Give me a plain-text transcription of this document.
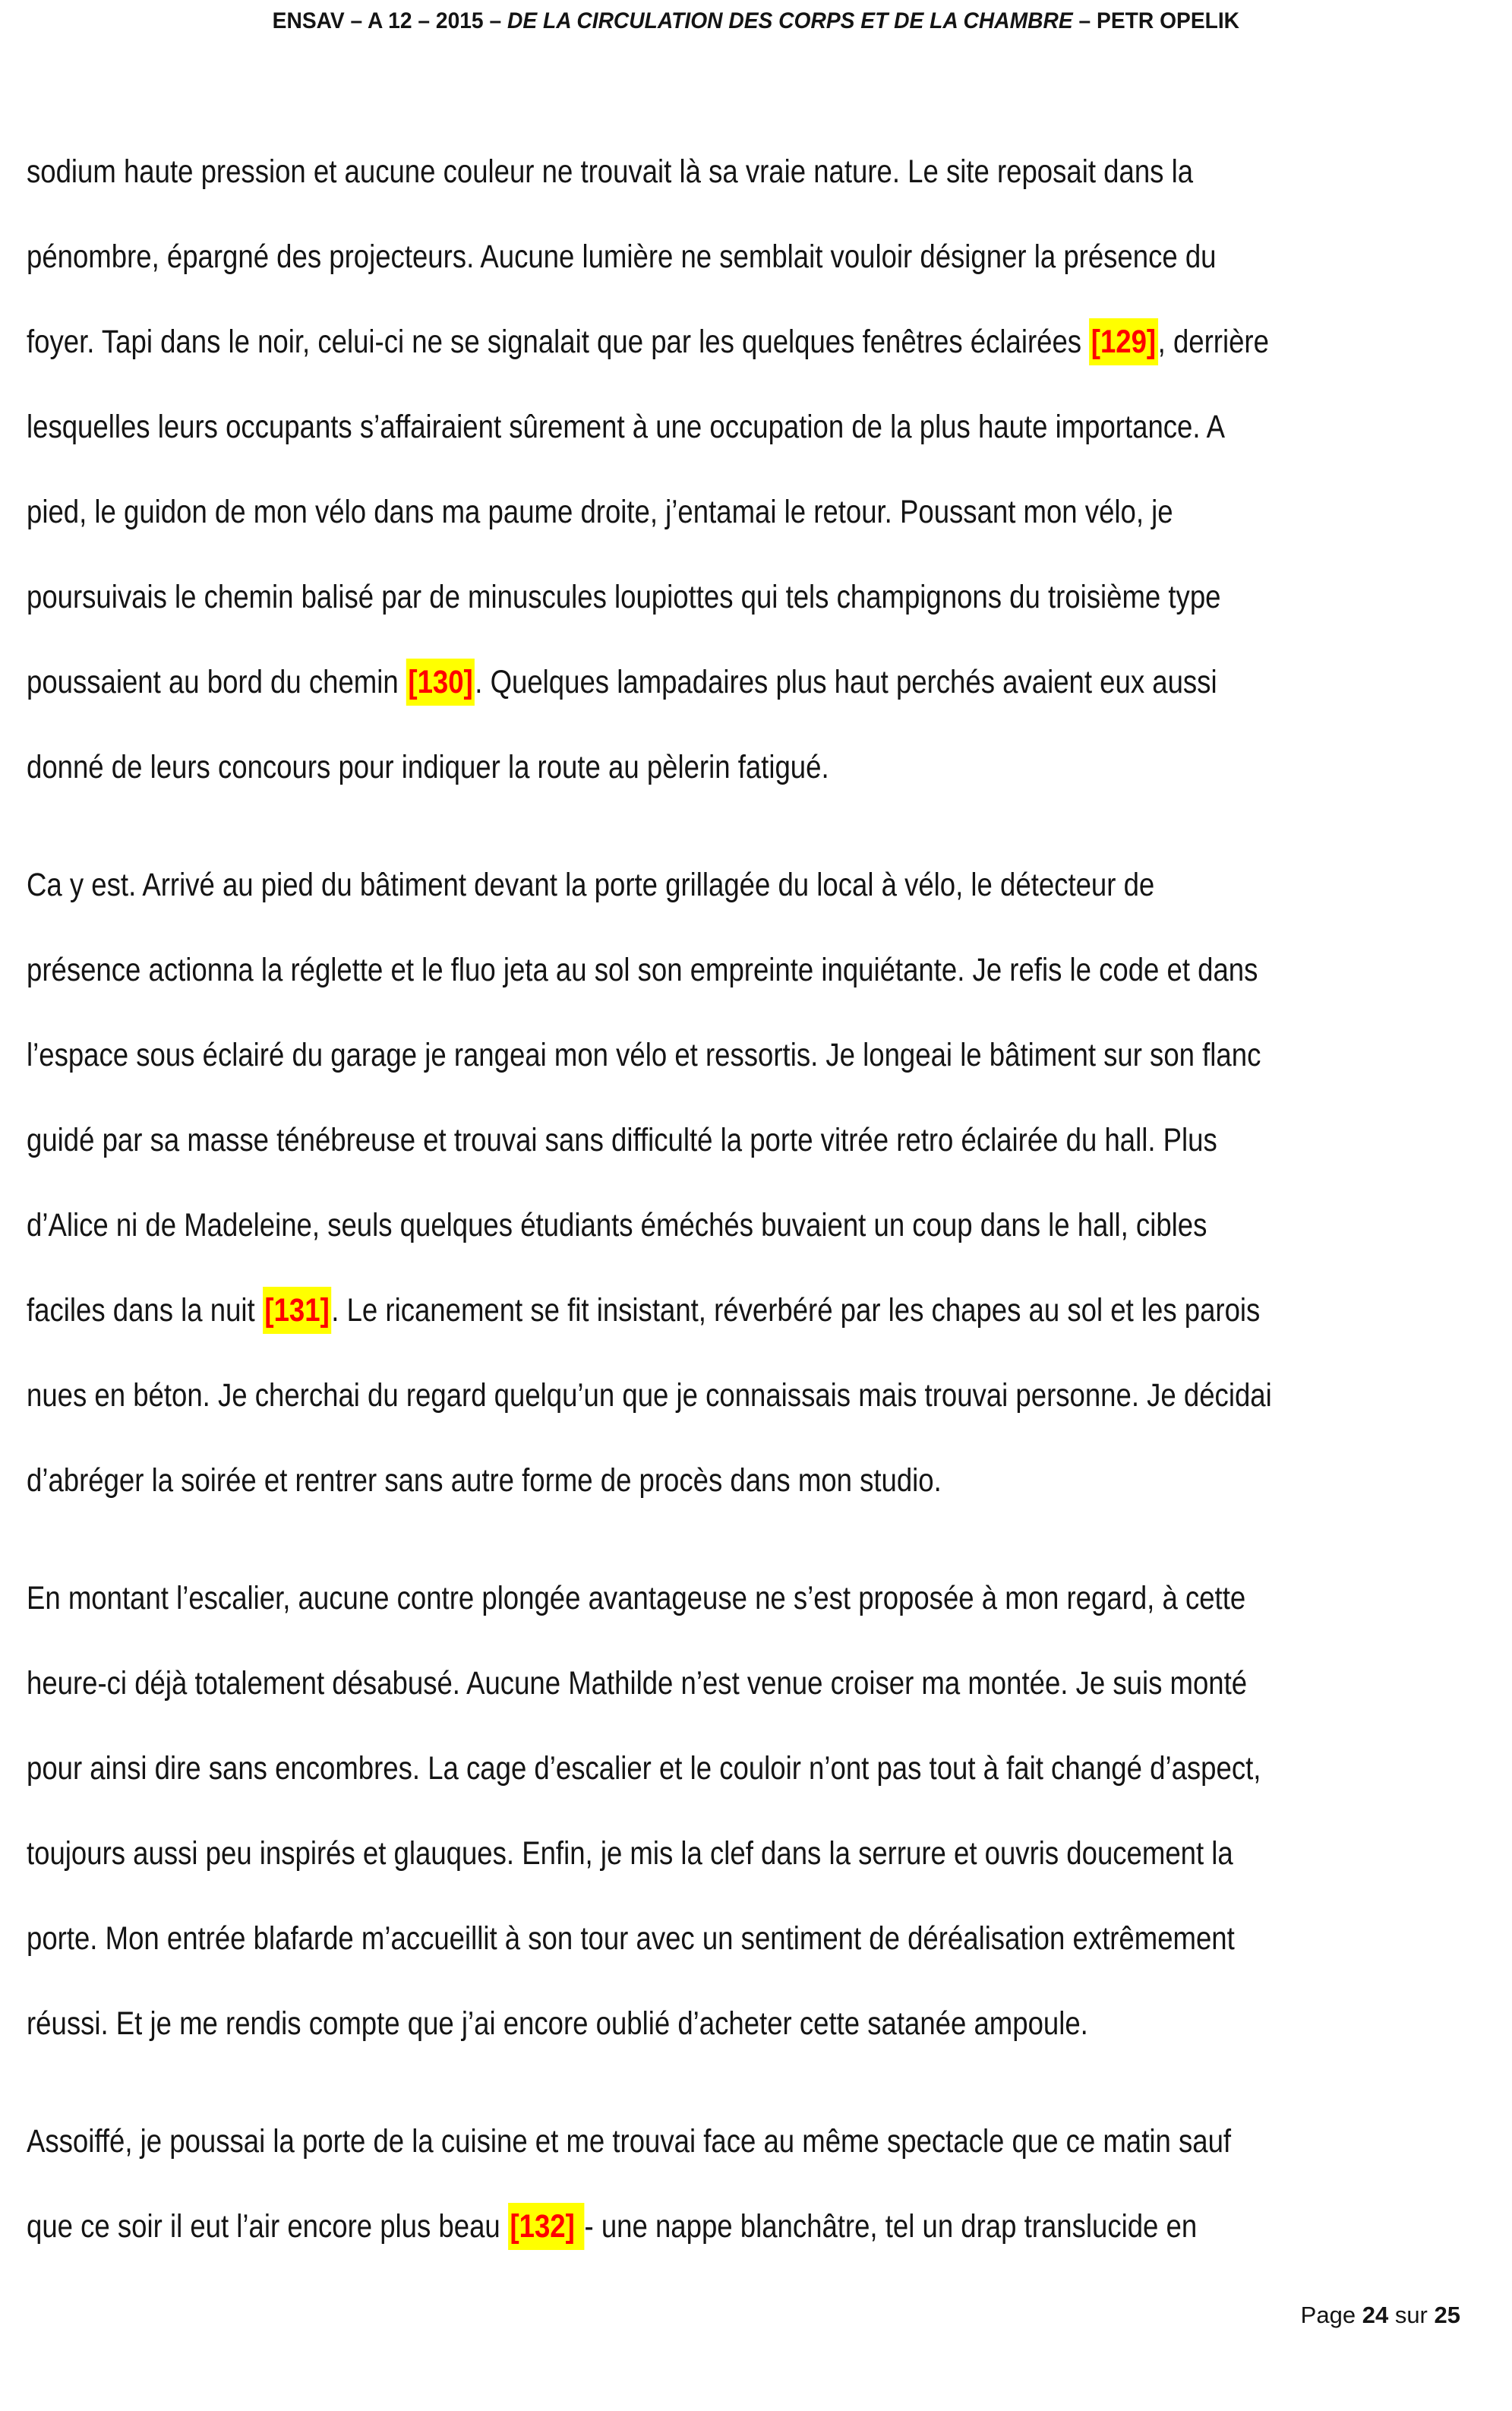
ENSAV – A 12 – 2015 – DE LA CIRCULATION DES CORPS ET DE LA CHAMBRE – PETR OPELIK
sodium haute pression et aucune couleur ne trouvait là sa vraie nature. Le site reposait dans la
pénombre, épargné des projecteurs. Aucune lumière ne semblait vouloir désigner la présence du
foyer. Tapi dans le noir, celui-ci ne se signalait que par les quelques fenêtres éclairées [129], derrière
lesquelles leurs occupants s’affairaient sûrement à une occupation de la plus haute importance. A
pied, le guidon de mon vélo dans ma paume droite, j’entamai le retour. Poussant mon vélo, je
poursuivais le chemin balisé par de minuscules loupiottes qui tels champignons du troisième type
poussaient au bord du chemin [130]. Quelques lampadaires plus haut perchés avaient eux aussi
donné de leurs concours pour indiquer la route au pèlerin fatigué.
Ca y est. Arrivé au pied du bâtiment devant la porte grillagée du local à vélo, le détecteur de
présence actionna la réglette et le fluo jeta au sol son empreinte inquiétante. Je refis le code et dans
l’espace sous éclairé du garage je rangeai mon vélo et ressortis. Je longeai le bâtiment sur son flanc
guidé par sa masse ténébreuse et trouvai sans difficulté la porte vitrée retro éclairée du hall. Plus
d’Alice ni de Madeleine, seuls quelques étudiants éméchés buvaient un coup dans le hall, cibles
faciles dans la nuit [131]. Le ricanement se fit insistant, réverbéré par les chapes au sol et les parois
nues en béton. Je cherchai du regard quelqu’un que je connaissais mais trouvai personne. Je décidai
d’abréger la soirée et rentrer sans autre forme de procès dans mon studio.
En montant l’escalier, aucune contre plongée avantageuse ne s’est proposée à mon regard, à cette
heure-ci déjà totalement désabusé. Aucune Mathilde n’est venue croiser ma montée. Je suis monté
pour ainsi dire sans encombres. La cage d’escalier et le couloir n’ont pas tout à fait changé d’aspect,
toujours aussi peu inspirés et glauques. Enfin, je mis la clef dans la serrure et ouvris doucement la
porte. Mon entrée blafarde m’accueillit à son tour avec un sentiment de déréalisation extrêmement
réussi. Et je me rendis compte que j’ai encore oublié d’acheter cette satanée ampoule.
Assoiffé, je poussai la porte de la cuisine et me trouvai face au même spectacle que ce matin sauf
que ce soir il eut l’air encore plus beau [132] - une nappe blanchâtre, tel un drap translucide en
Page 24 sur 25
